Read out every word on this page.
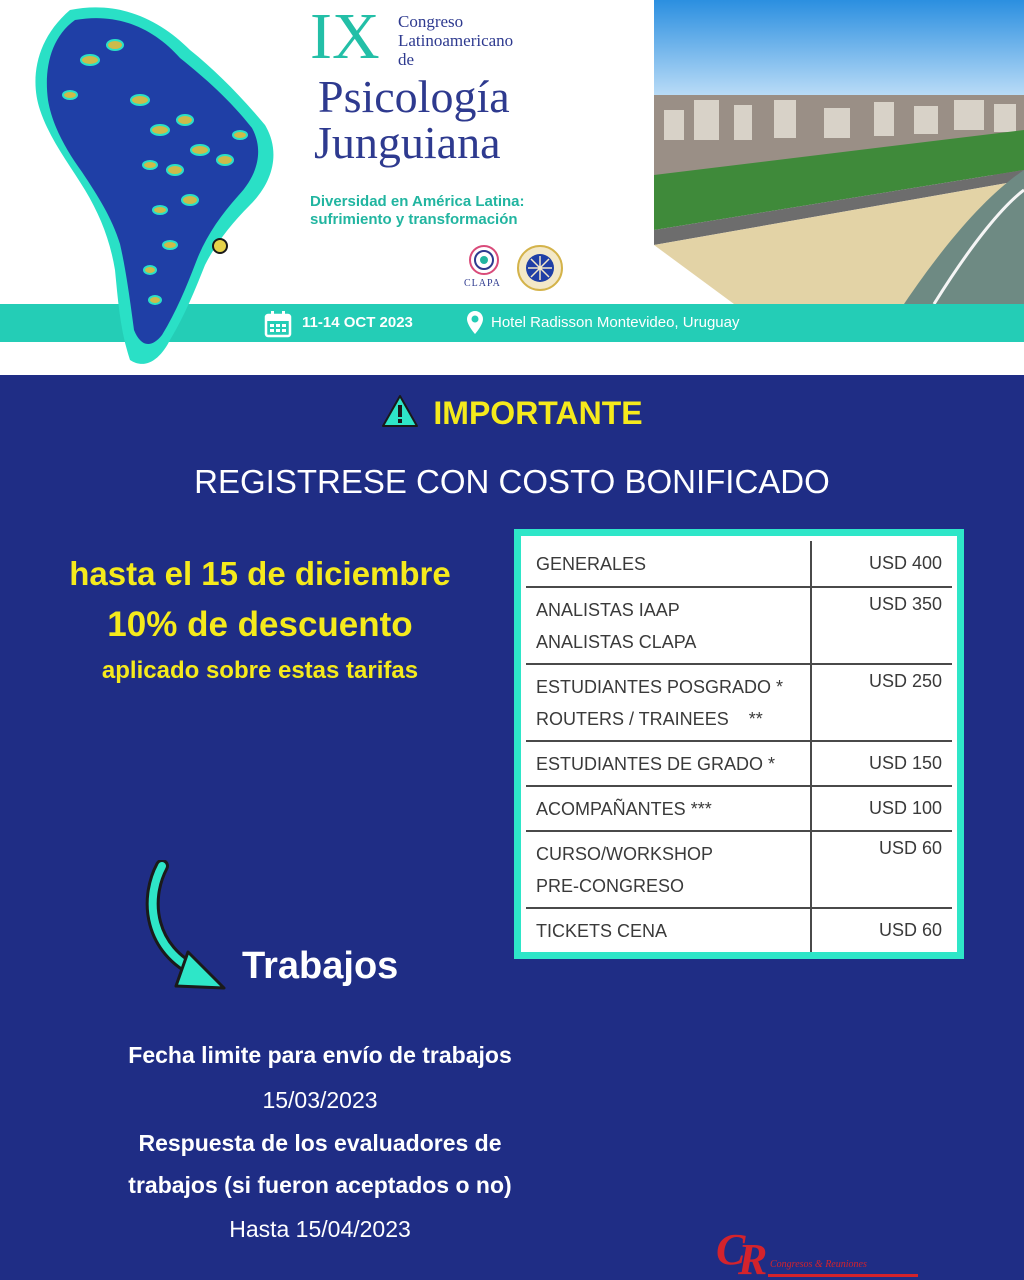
IX Congreso
Latinoamericano
de
Psicología
Junguiana
Diversidad en América Latina:
sufrimiento y transformación
CLAPA
11-14 OCT 2023	Hotel Radisson Montevideo, Uruguay
IMPORTANTE
REGISTRESE CON COSTO BONIFICADO
hasta el 15 de diciembre
10% de descuento
aplicado sobre estas tarifas
GENERALES	USD 400

ANALISTAS IAAP
ANALISTAS CLAPA	USD 350

ESTUDIANTES POSGRADO *
ROUTERS / TRAINEES    **	USD 250

ESTUDIANTES DE GRADO *	USD 150

ACOMPAÑANTES ***	USD 100

CURSO/WORKSHOP
PRE-CONGRESO	USD 60

TICKETS CENA	USD 60
Trabajos
Fecha limite para envío de trabajos
15/03/2023
Respuesta de los evaluadores de
trabajos (si fueron aceptados o no)
Hasta 15/04/2023	C
R Congresos & Reuniones
